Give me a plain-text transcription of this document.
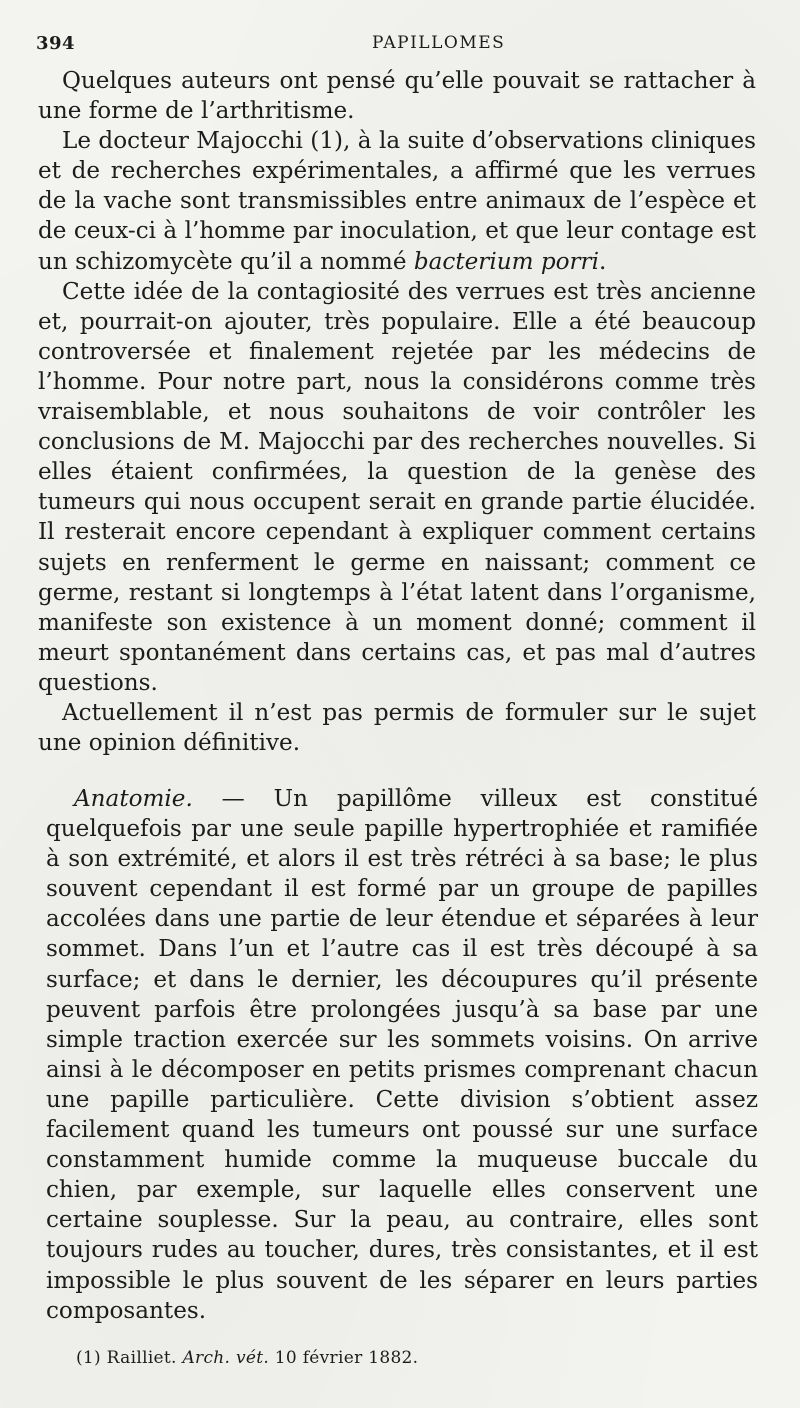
394	PAPILLOMES

Quelques auteurs ont pensé qu’elle pouvait se rattacher à une forme de l’arthritisme.

Le docteur Majocchi (1), à la suite d’observations cliniques et de recherches expérimentales, a affirmé que les verrues de la vache sont transmissibles entre animaux de l’espèce et de ceux-ci à l’homme par inoculation, et que leur contage est un schizomycète qu’il a nommé bacterium porri.

Cette idée de la contagiosité des verrues est très ancienne et, pourrait-on ajouter, très populaire. Elle a été beaucoup controversée et finalement rejetée par les médecins de l’homme. Pour notre part, nous la considérons comme très vraisemblable, et nous souhaitons de voir contrôler les conclusions de M. Majocchi par des recherches nouvelles. Si elles étaient confirmées, la question de la genèse des tumeurs qui nous occupent serait en grande partie élucidée. Il resterait encore cependant à expliquer comment certains sujets en renferment le germe en naissant; comment ce germe, restant si longtemps à l’état latent dans l’organisme, manifeste son existence à un moment donné; comment il meurt spontanément dans certains cas, et pas mal d’autres questions.

Actuellement il n’est pas permis de formuler sur le sujet une opinion définitive.

Anatomie. — Un papillôme villeux est constitué quelquefois par une seule papille hypertrophiée et ramifiée à son extrémité, et alors il est très rétréci à sa base; le plus souvent cependant il est formé par un groupe de papilles accolées dans une partie de leur étendue et séparées à leur sommet. Dans l’un et l’autre cas il est très découpé à sa surface; et dans le dernier, les découpures qu’il présente peuvent parfois être prolongées jusqu’à sa base par une simple traction exercée sur les sommets voisins. On arrive ainsi à le décomposer en petits prismes comprenant chacun une papille particulière. Cette division s’obtient assez facilement quand les tumeurs ont poussé sur une surface constamment humide comme la muqueuse buccale du chien, par exemple, sur laquelle elles conservent une certaine souplesse. Sur la peau, au contraire, elles sont toujours rudes au toucher, dures, très consistantes, et il est impossible le plus souvent de les séparer en leurs parties composantes.

(1) Railliet. Arch. vét. 10 février 1882.
